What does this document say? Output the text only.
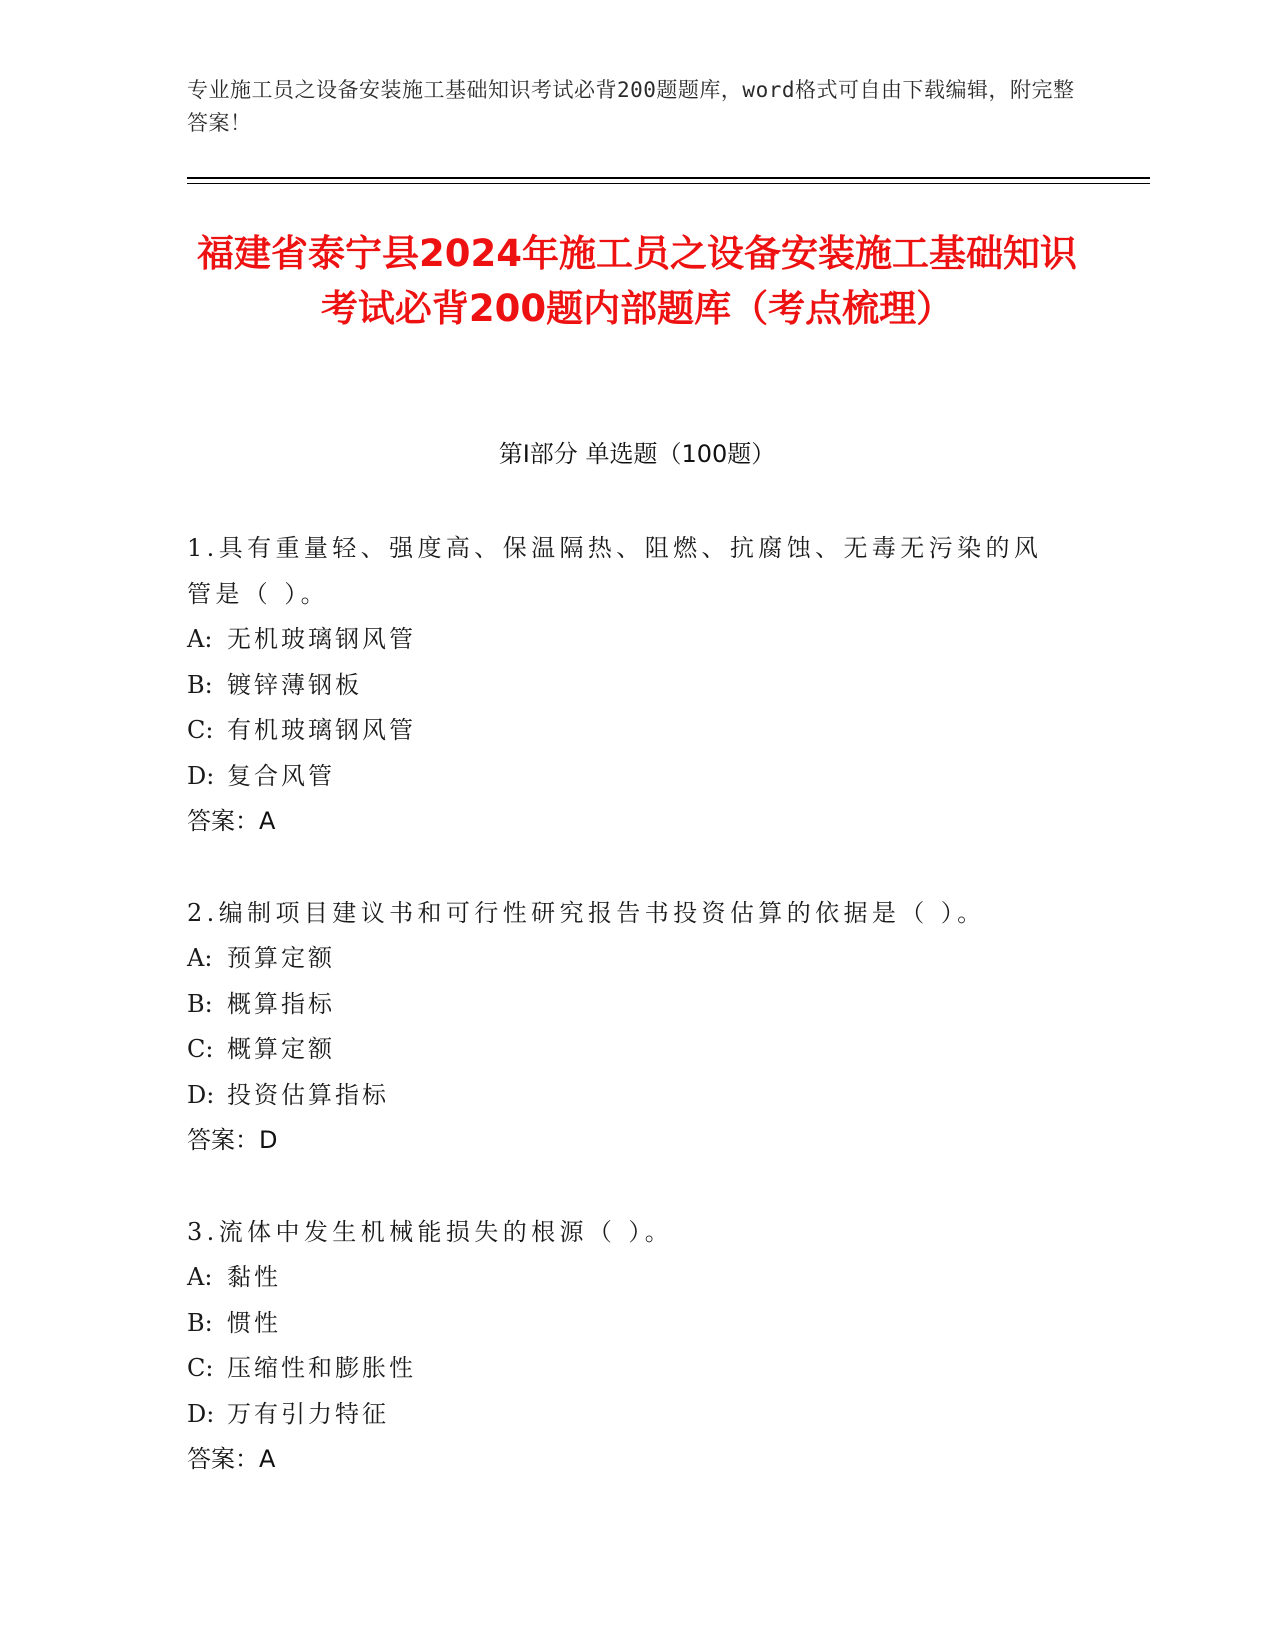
专业施工员之设备安装施工基础知识考试必背200题题库，word格式可自由下载编辑，附完整答案！
福建省泰宁县2024年施工员之设备安装施工基础知识考试必背200题内部题库（考点梳理）
第Ⅰ部分 单选题（100题）

1.具有重量轻、强度高、保温隔热、阻燃、抗腐蚀、无毒无污染的风管是（ ）。

A: 无机玻璃钢风管

B: 镀锌薄钢板

C: 有机玻璃钢风管

D: 复合风管

答案：A

2.编制项目建议书和可行性研究报告书投资估算的依据是（ ）。

A: 预算定额

B: 概算指标

C: 概算定额

D: 投资估算指标

答案：D

3.流体中发生机械能损失的根源（ ）。

A: 黏性

B: 惯性

C: 压缩性和膨胀性

D: 万有引力特征

答案：A
